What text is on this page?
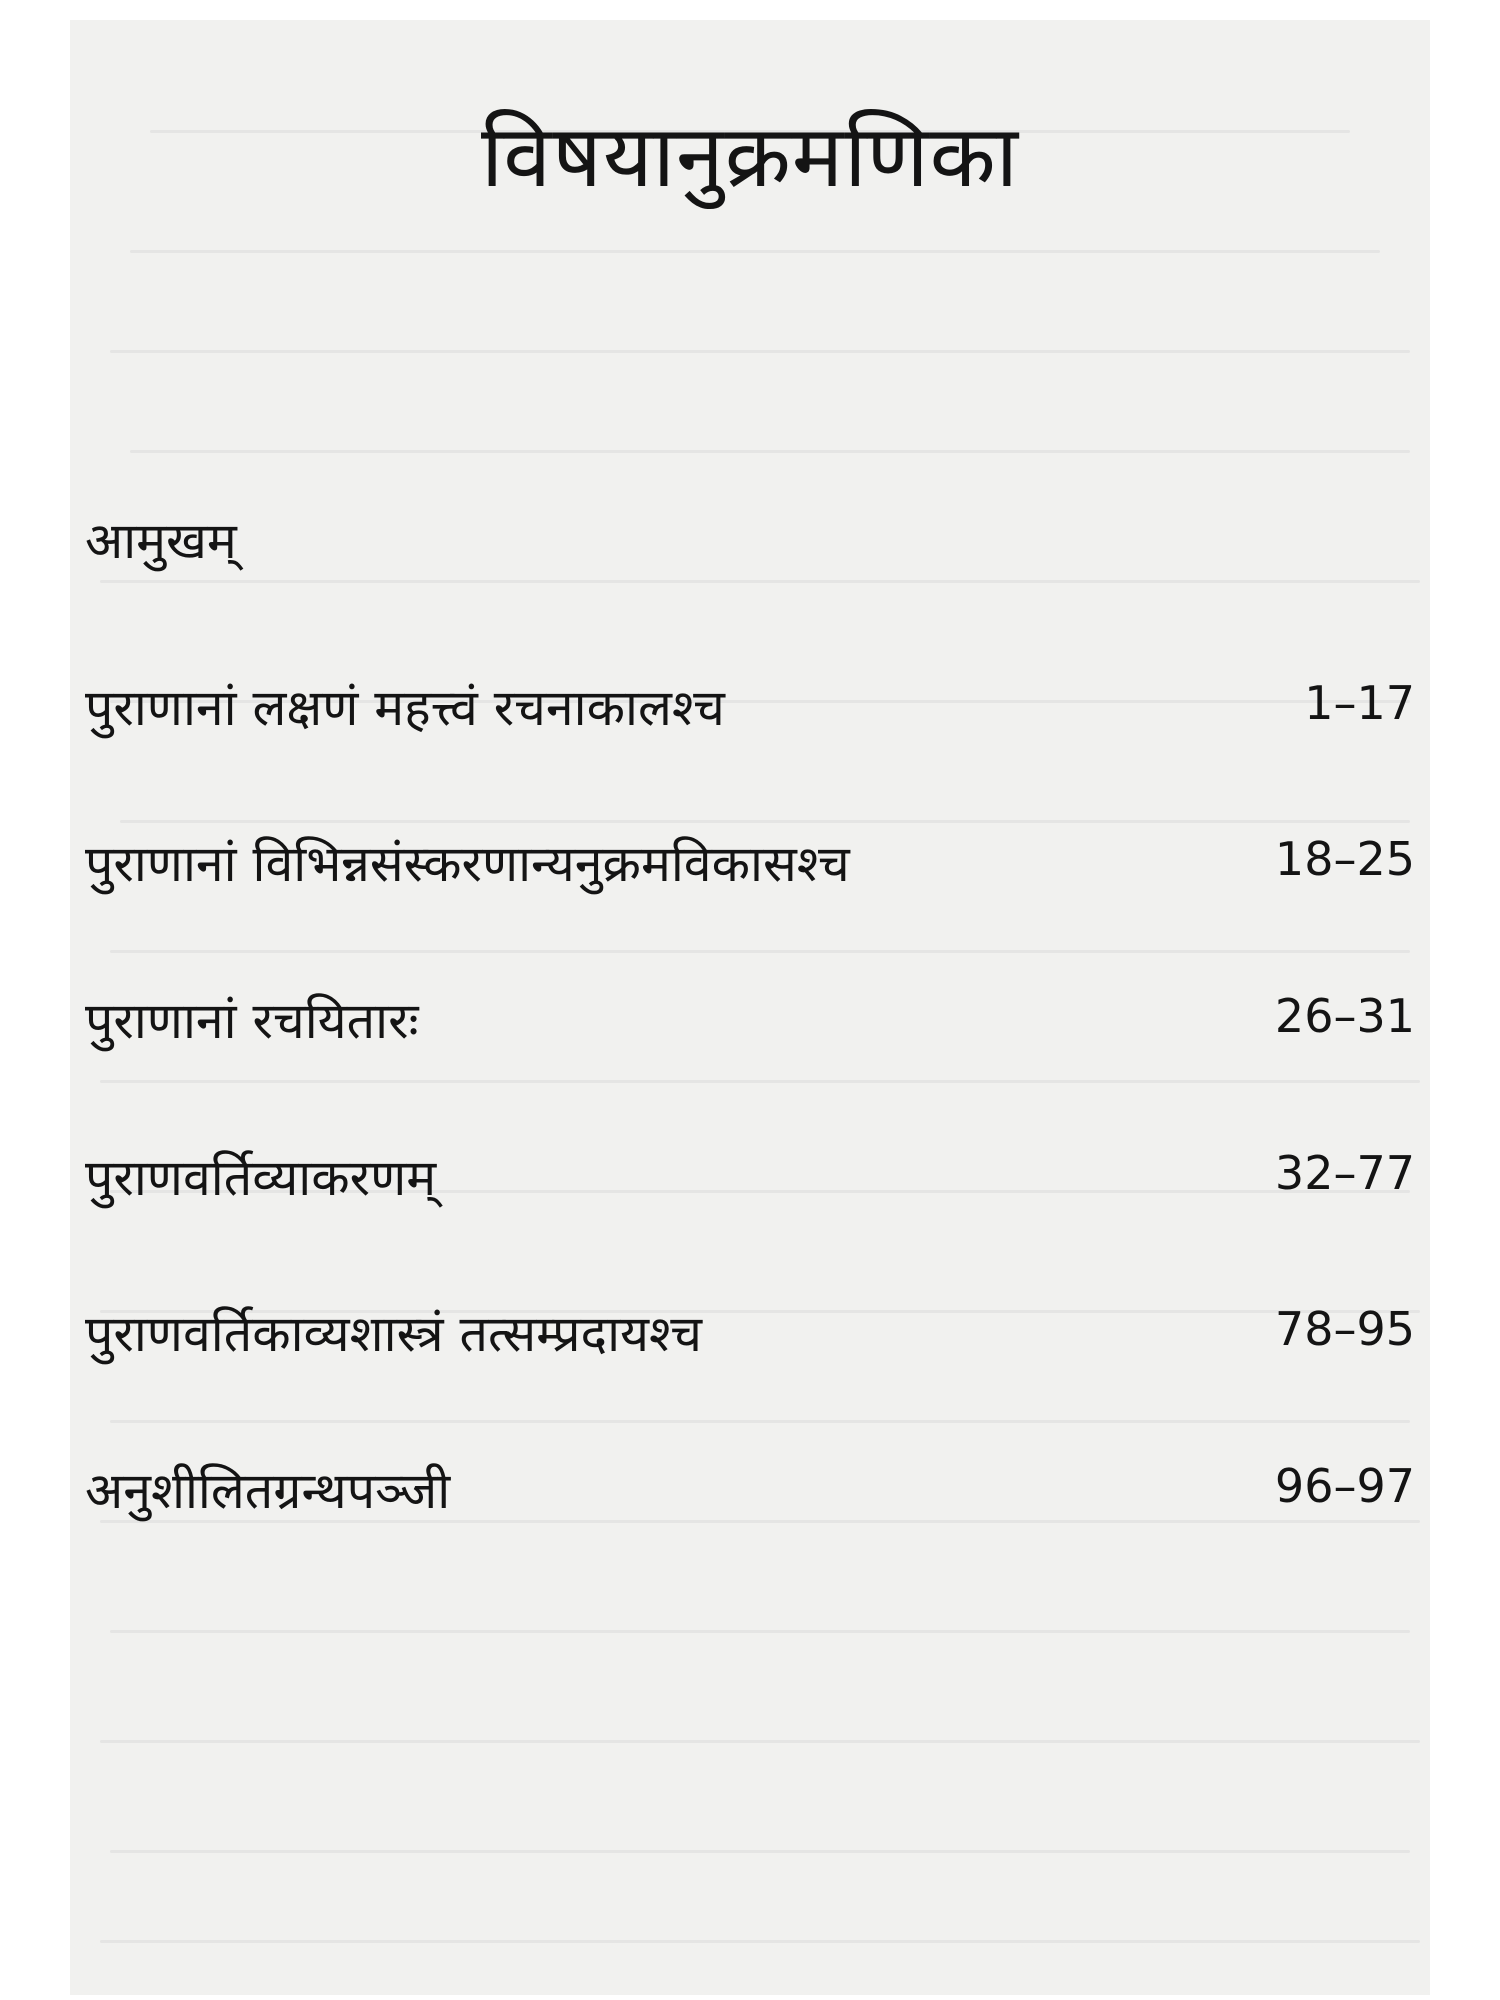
विषयानुक्रमणिका
आमुखम्
पुराणानां लक्षणं महत्त्वं रचनाकालश्च	1–17
पुराणानां विभिन्नसंस्करणान्यनुक्रमविकासश्च	18–25
पुराणानां रचयितारः	26–31
पुराणवर्तिव्याकरणम्	32–77
पुराणवर्तिकाव्यशास्त्रं तत्सम्प्रदायश्च	78–95
अनुशीलितग्रन्थपञ्जी	96–97
